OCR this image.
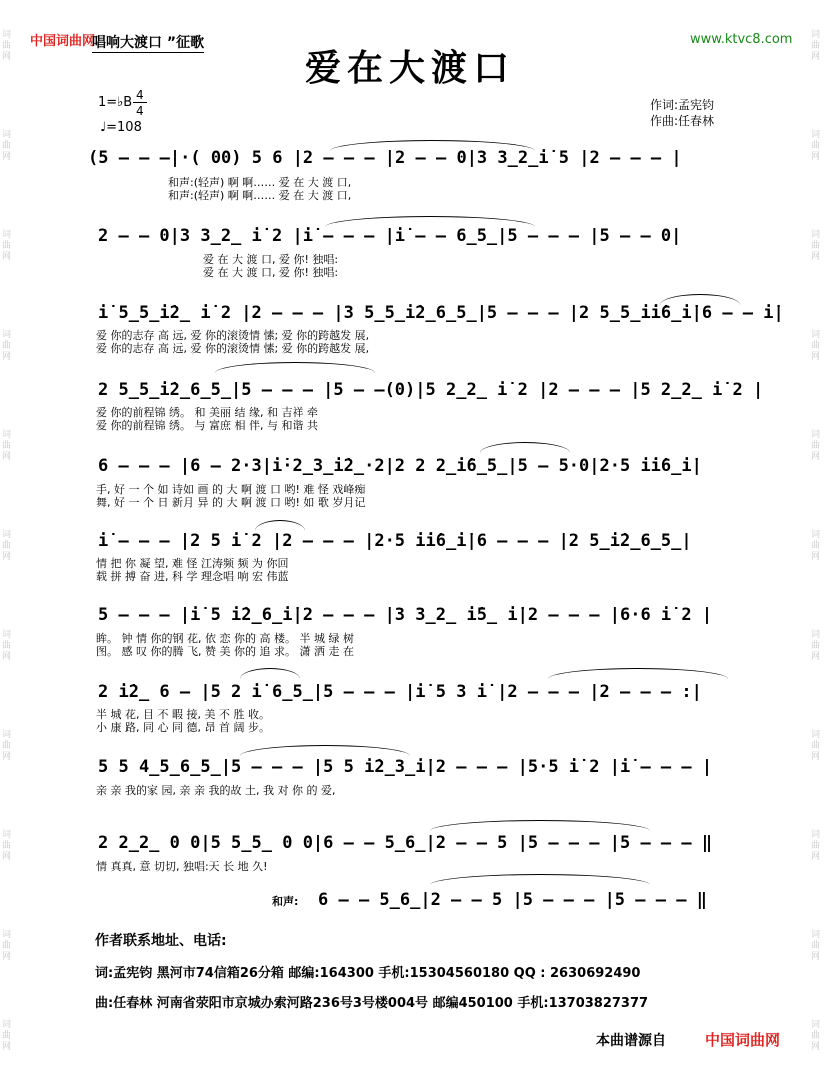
词曲网
词曲网
词曲网
词曲网
词曲网
词曲网
词曲网
词曲网
词曲网
词曲网
词曲网
词曲网
词曲网
词曲网
词曲网
词曲网
词曲网
词曲网
词曲网
词曲网
词曲网
词曲网
中国词曲网
唱响大渡口 ”征歌	www.ktvc8.com
爱在大渡口
1=♭B 4
4
♩=108
作词:孟宪钧
作曲:任春林
(5 — — —|·( 00) 5 6 |2 — — — |2 — — 0|3 3̲2̲i̇ 5 |2 — — — |
和声:(轻声) 啊 啊…… 爱 在 大 渡 口,
和声:(轻声) 啊 啊…… 爱 在 大 渡 口,
2 — — 0|3 3̲2̲ i̇ 2 |i̇ — — — |i̇ — — 6̲5̲|5 — — — |5 — — 0|
爱 在 大 渡 口, 爱 你! 独唱:
爱 在 大 渡 口, 爱 你! 独唱:
i̇ 5̲5̲i̇2̲ i̇ 2 |2 — — — |3 5̲5̲i̇2̲6̲5̲|5 — — — |2 5̲5̲i̇i̇6̲i̇|6 — — i̇|
爱 你的志存 高 远, 爱 你的滚烫情 愫; 爱 你的跨越发 展,
爱 你的志存 高 远, 爱 你的滚烫情 愫; 爱 你的跨越发 展,
2 5̲5̲i̇2̲6̲5̲|5 — — — |5 — —(0)|5 2̲2̲ i̇ 2 |2 — — — |5 2̲2̲ i̇ 2 |
爱 你的前程锦 绣。 和 美丽 结 缘, 和 吉祥 牵
爱 你的前程锦 绣。 与 富庶 相 伴, 与 和谐 共
6 — — — |6 — 2·3|i̇·2̲3̲i̇2̲·2|2 2 2̲i̇6̲5̲|5 — 5·0|2·5 i̇i̇6̲i̇|
手, 好 一 个 如 诗如 画 的 大 啊 渡 口 哟! 难 怪 戏峰痴
舞, 好 一 个 日 新月 异 的 大 啊 渡 口 哟! 如 歌 岁月记
i̇ — — — |2 5 i̇ 2 |2 — — — |2·5 i̇i̇6̲i̇|6 — — — |2 5̲i̇2̲6̲5̲|
情 把 你 凝 望, 难 怪 江涛频 频 为 你回
载 拼 搏 奋 进, 科 学 理念唱 响 宏 伟蓝
5 — — — |i̇ 5 i̇2̲6̲i̇|2 — — — |3 3̲2̲ i̇5̲ i̇|2 — — — |6·6 i̇ 2 |
眸。 钟 情 你的钢 花, 依 恋 你的 高 楼。 半 城 绿 树
图。 感 叹 你的腾 飞, 赞 美 你的 追 求。 潇 洒 走 在
2 i̇2̲ 6 — |5 2 i̇ 6̲5̲|5 — — — |i̇ 5 3 i̇ |2 — — — |2 — — — :|
半 城 花, 目 不 暇 接, 美 不 胜 收。
小 康 路, 同 心 同 德, 昂 首 阔 步。
5 5 4̲5̲6̲5̲|5 — — — |5 5 i̇2̲3̲i̇|2 — — — |5·5 i̇ 2 |i̇ — — — |
亲 亲 我的家 园, 亲 亲 我的故 土, 我 对 你 的 爱,
2 2̲2̲ 0 0|5 5̲5̲ 0 0|6 — — 5̲6̲|2 — — 5 |5 — — — |5 — — — ‖
情 真真, 意 切切, 独唱:天 长 地 久!
和声: 6 — — 5̲6̲|2 — — 5 |5 — — — |5 — — — ‖
作者联系地址、电话:
词:孟宪钧 黑河市74信箱26分箱 邮编:164300 手机:15304560180 QQ : 2630692490
曲:任春林 河南省荥阳市京城办索河路236号3号楼004号 邮编450100 手机:13703827377
本曲谱源自	中国词曲网
